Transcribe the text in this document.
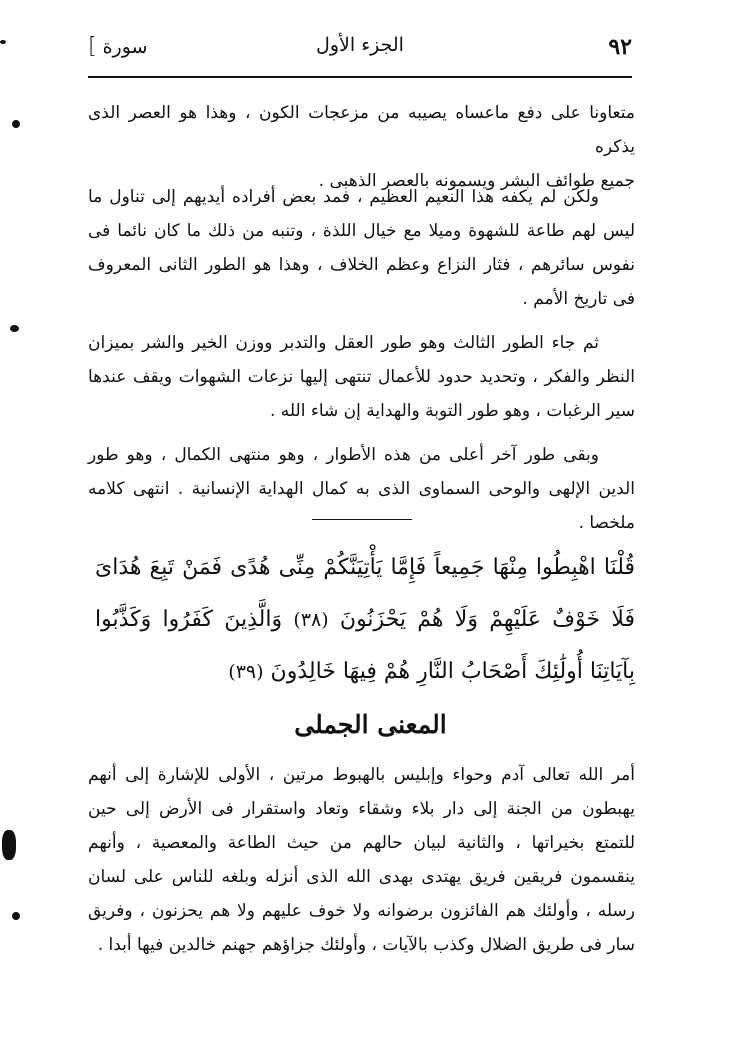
٩٢
الجزء الأول
سورة]

متعاونا على دفع ماعساه يصيبه من مزعجات الكون ، وهذا هو العصر الذى يذكره

جميع طوائف البشر ويسمونه بالعصر الذهبى .

ولكن لم يكفه هذا النعيم العظيم ، فمد بعض أفراده أيديهم إلى تناول ما ليس لهم طاعة للشهوة وميلا مع خيال اللذة ، وتنبه من ذلك ما كان نائما فى نفوس سائرهم ، فثار النزاع وعظم الخلاف ، وهذا هو الطور الثانى المعروف فى تاريخ الأمم .

ثم جاء الطور الثالث وهو طور العقل والتدبر ووزن الخير والشر بميزان النظر والفكر ، وتحديد حدود للأعمال تنتهى إليها نزعات الشهوات ويقف عندها سير الرغبات ، وهو طور التوبة والهداية إن شاء الله .

وبقى طور آخر أعلى من هذه الأطوار ، وهو منتهى الكمال ، وهو طور الدين الإلهى والوحى السماوى الذى به كمال الهداية الإنسانية . انتهى كلامه ملخصا .

قُلْنَا اهْبِطُوا مِنْهَا جَمِيعاً فَإِمَّا يَأْتِيَنَّكُمْ مِنِّى هُدًى فَمَنْ تَبِعَ هُدَاىَ فَلَا خَوْفٌ عَلَيْهِمْ وَلَا هُمْ يَحْزَنُونَ (٣٨) وَالَّذِينَ كَفَرُوا وَكَذَّبُوا بِآيَاتِنَا أُولَٰئِكَ أَصْحَابُ النَّارِ هُمْ فِيهَا خَالِدُونَ (٣٩)
المعنى الجملى

أمر الله تعالى آدم وحواء وإبليس بالهبوط مرتين ، الأولى للإشارة إلى أنهم يهبطون من الجنة إلى دار بلاء وشقاء وتعاد واستقرار فى الأرض إلى حين للتمتع بخيراتها ، والثانية لبيان حالهم من حيث الطاعة والمعصية ، وأنهم ينقسمون فريقين فريق يهتدى بهدى الله الذى أنزله وبلغه للناس على لسان رسله ، وأولئك هم الفائزون برضوانه ولا خوف عليهم ولا هم يحزنون ، وفريق سار فى طريق الضلال وكذب بالآيات ، وأولئك جزاؤهم جهنم خالدين فيها أبدا .
